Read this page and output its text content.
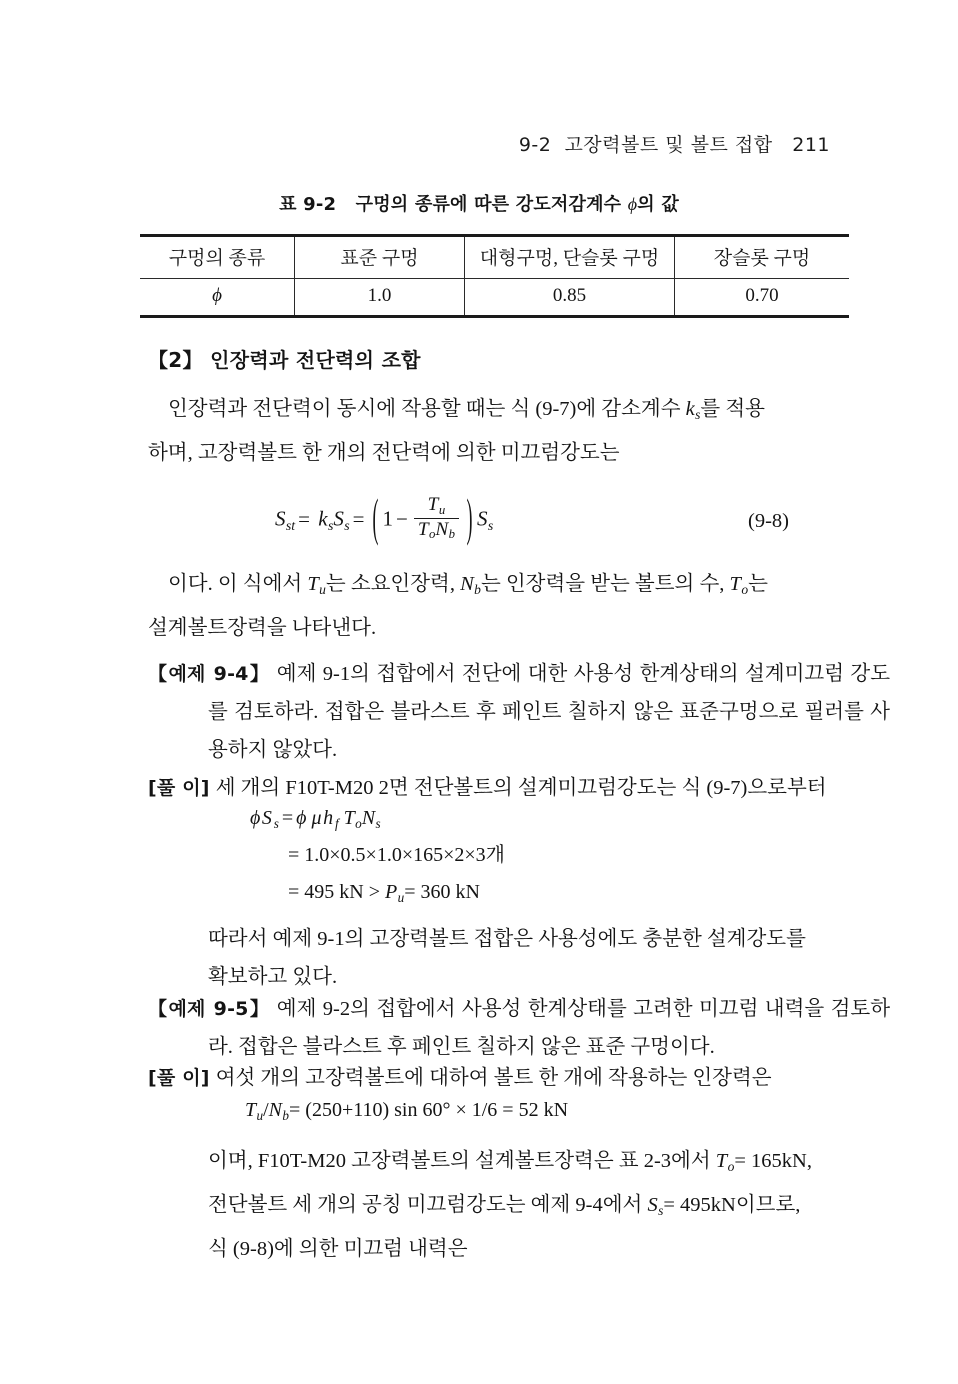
9-2  고장력볼트 및 볼트 접합   211
표 9-2   구멍의 종류에 따른 강도저감계수 ϕ의 값
구멍의 종류	표준 구멍	대형구멍, 단슬롯 구멍	장슬롯 구멍
ϕ	1.0	0.85	0.70
【2】 인장력과 전단력의 조합
인장력과 전단력이 동시에 작용할 때는 식 (9-7)에 감소계수 $k_s$를 적용
하며, 고장력볼트 한 개의 전단력에 의한 미끄럼강도는
$S_{st} = k_sS_s$ = ( $1 - \frac{T_u}{T_oN_b}$ ) $S_s$	(9-8)
이다. 이 식에서 $T_u$는 소요인장력, $N_b$는 인장력을 받는 볼트의 수, $T_o$는
설계볼트장력을 나타낸다.
【예제 9-4】 예제 9-1의 접합에서 전단에 대한 사용성 한계상태의 설계미끄럼 강도를 검토하라. 접합은 블라스트 후 페인트 칠하지 않은 표준구멍으로 필러를 사용하지 않았다.
[풀 이] 세 개의 F10T-M20 2면 전단볼트의 설계미끄럼강도는 식 (9-7)으로부터
ϕS $_s$ = ϕ μh $_f$ $T_oN_s$
= 1.0×0.5×1.0×165×2×3개
= 495 kN > $P_u= 360$ kN
따라서 예제 9-1의 고장력볼트 접합은 사용성에도 충분한 설계강도를
확보하고 있다.
【예제 9-5】 예제 9-2의 접합에서 사용성 한계상태를 고려한 미끄럼 내력을 검토하라. 접합은 블라스트 후 페인트 칠하지 않은 표준 구멍이다.
[풀 이] 여섯 개의 고장력볼트에 대하여 볼트 한 개에 작용하는 인장력은
$T_u/N_b= (250+110)$ sin 60° × 1/6 = 52 kN
이며, F10T-M20 고장력볼트의 설계볼트장력은 표 2-3에서 $T_o= 165kN$,
전단볼트 세 개의 공칭 미끄럼강도는 예제 9-4에서 $S_s= 495kN$이므로,
식 (9-8)에 의한 미끄럼 내력은
